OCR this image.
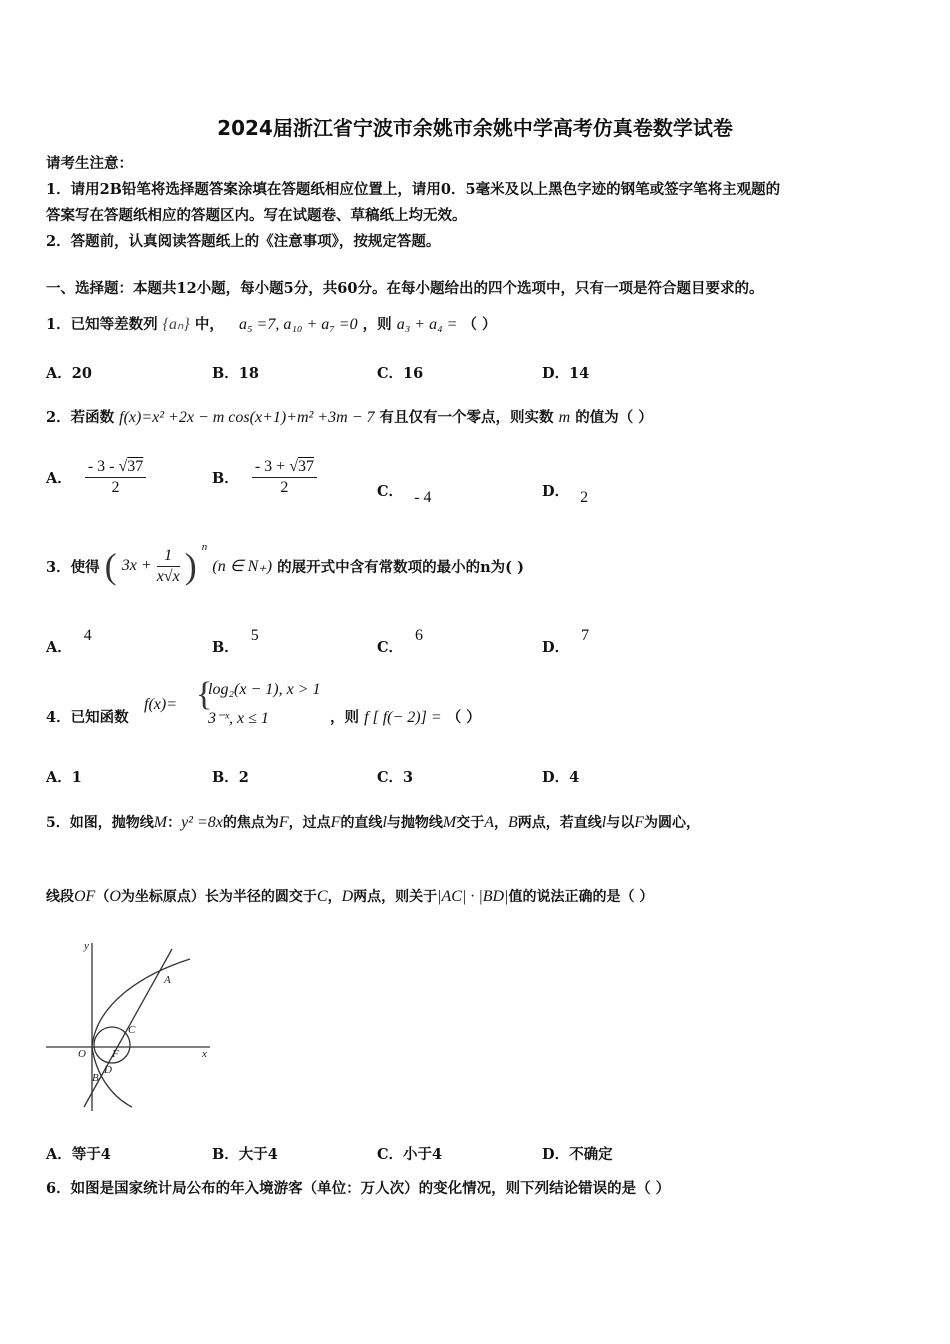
2024届浙江省宁波市余姚市余姚中学高考仿真卷数学试卷
请考生注意：
1．请用2B铅笔将选择题答案涂填在答题纸相应位置上，请用0．5毫米及以上黑色字迹的钢笔或签字笔将主观题的
答案写在答题纸相应的答题区内。写在试题卷、草稿纸上均无效。
2．答题前，认真阅读答题纸上的《注意事项》，按规定答题。
一、选择题：本题共12小题，每小题5分，共60分。在每小题给出的四个选项中，只有一项是符合题目要求的。
1．已知等差数列 {aₙ} 中， a₅ =7, a₁₀ + a₇ =0 ，则 a₃ + a₄ = （ ）
A．20	B．18	C．16	D．14
2．若函数 f(x)=x² +2x − m cos(x+1)+m² +3m − 7 有且仅有一个零点，则实数 m 的值为（ ）
A． $\frac{- 3 - √37}{2}$	B． $\frac{- 3 + √37}{2}$	C． - 4	D． 2
3．使得 ( $3x + \frac{1}{x√x}$ ) n (n ∈ N₊) 的展开式中含有常数项的最小的n为( )
A．4
B．5
C．6
D．7
4．已知函数
f(x)= {
log₂(x − 1), x > 1
3⁻ˣ, x ≤ 1	，则 f [ f(− 2)] = （ ）
A．1	B．2	C．3	D．4
5．如图，抛物线M：y² =8x的焦点为F，过点F的直线l与抛物线M交于A，B两点，若直线l与以F为圆心，
线段OF（O为坐标原点）长为半径的圆交于C，D两点，则关于|AC| · |BD|值的说法正确的是（ ）
y
x
O F
A
B
C
D
A．等于4	B．大于4	C．小于4	D．不确定
6．如图是国家统计局公布的年入境游客（单位：万人次）的变化情况，则下列结论错误的是（ ）
